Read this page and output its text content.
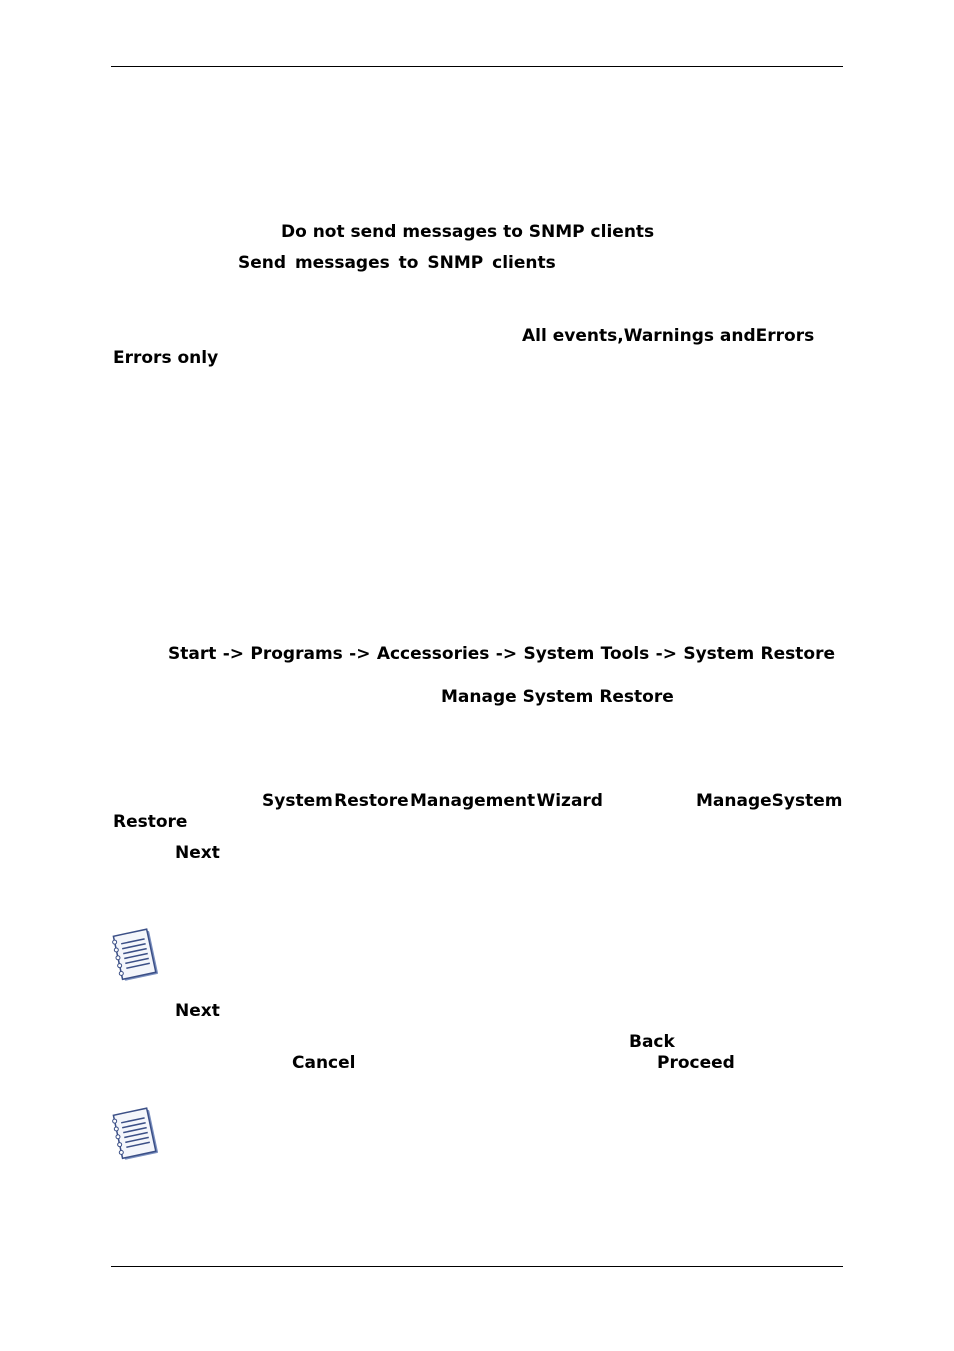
Do not send messages to SNMP clients
Send messages to SNMP clients
All events, Warnings and Errors
Errors only
Start -> Programs -> Accessories -> System Tools -> System Restore
Manage System Restore
System Restore Management Wizard	Manage System
Restore
Next
Next
Back
Cancel	Proceed
